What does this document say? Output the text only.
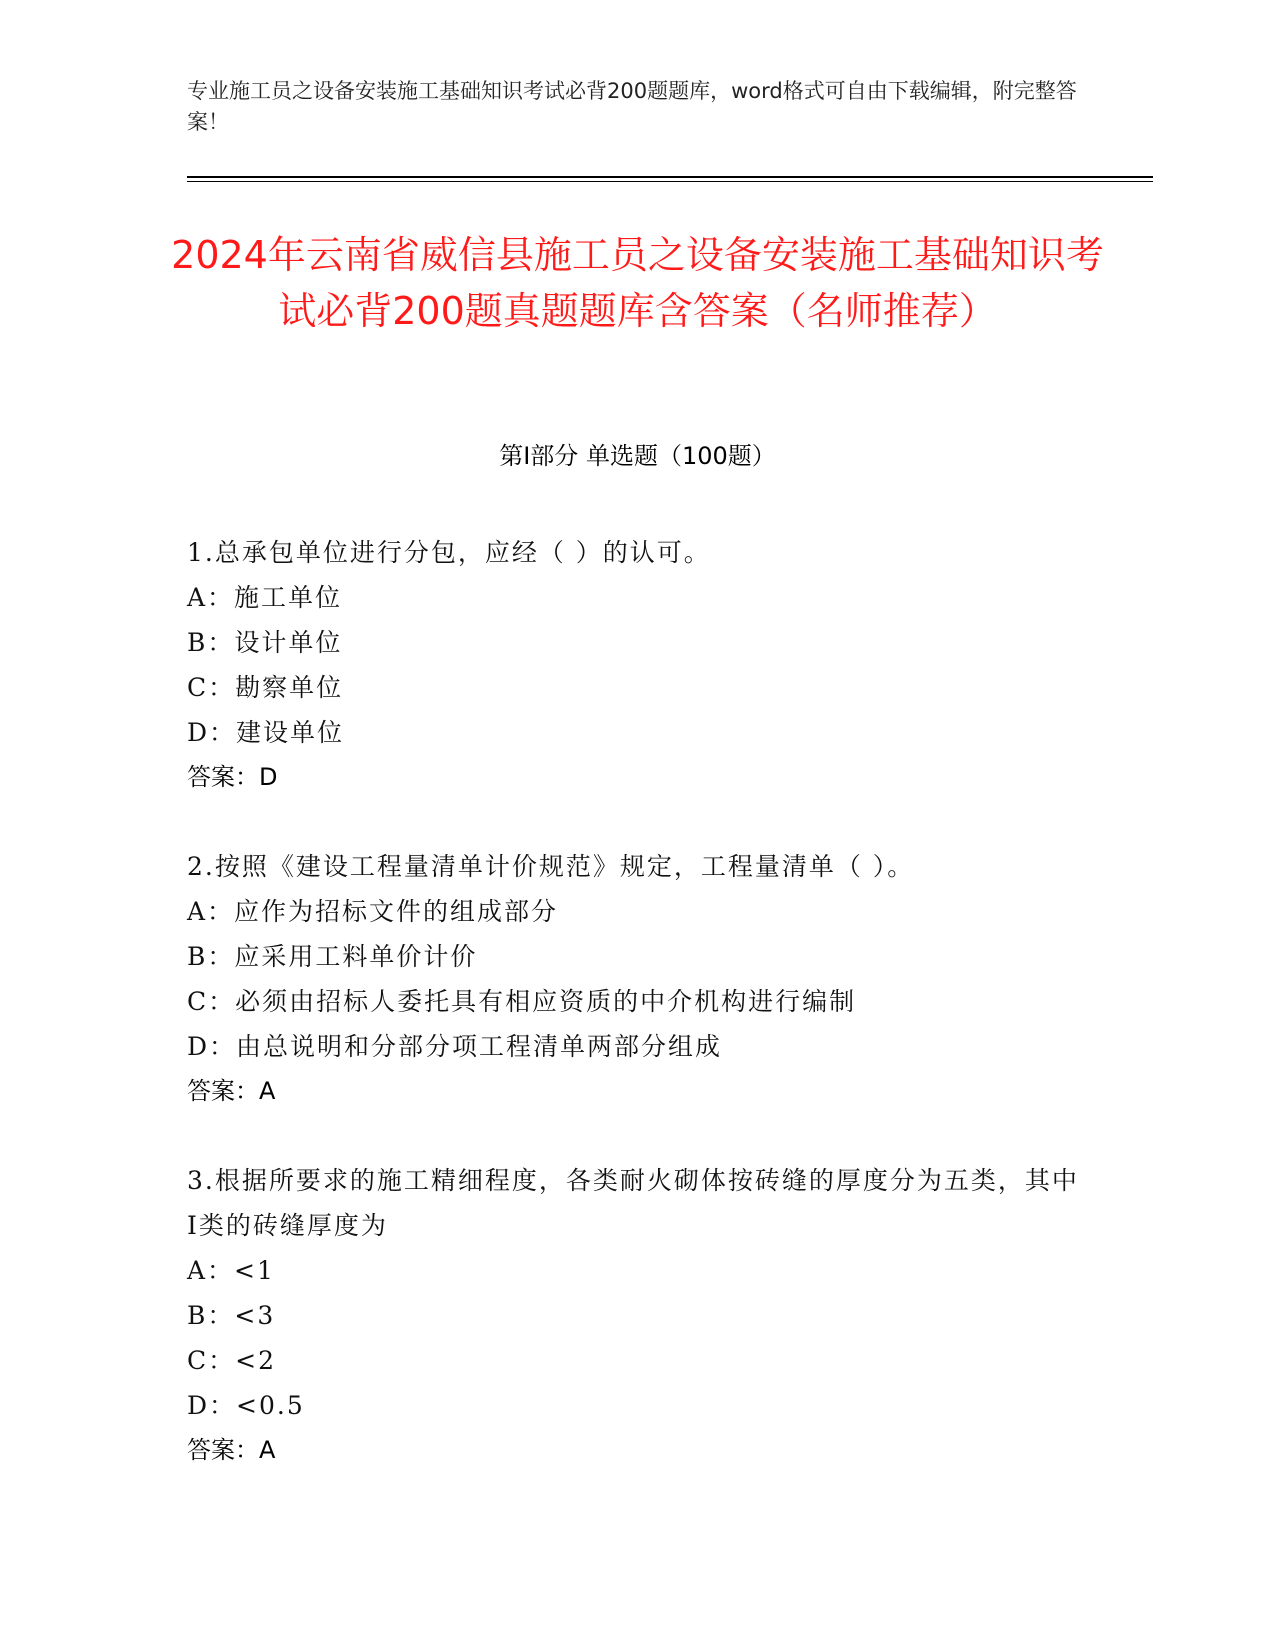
专业施工员之设备安装施工基础知识考试必背200题题库，word格式可自由下载编辑，附完整答案！
2024年云南省威信县施工员之设备安装施工基础知识考试必背200题真题题库含答案（名师推荐）
第I部分 单选题（100题）
1.总承包单位进行分包，应经（ ）的认可。
A：施工单位
B：设计单位
C：勘察单位
D：建设单位
答案：D
2.按照《建设工程量清单计价规范》规定，工程量清单（ ）。
A：应作为招标文件的组成部分
B：应采用工料单价计价
C：必须由招标人委托具有相应资质的中介机构进行编制
D：由总说明和分部分项工程清单两部分组成
答案：A
3.根据所要求的施工精细程度，各类耐火砌体按砖缝的厚度分为五类，其中I类的砖缝厚度为
A：<1
B：<3
C：<2
D：<0.5
答案：A
